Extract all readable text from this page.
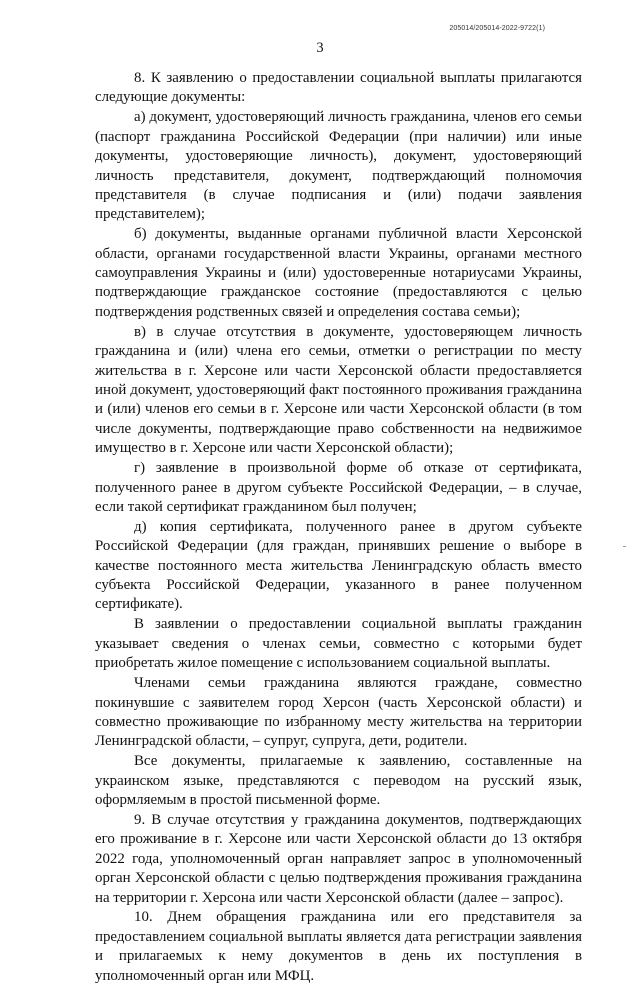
205014/205014-2022-9722(1)
3

8. К заявлению о предоставлении социальной выплаты прилагаются следующие документы:

а) документ, удостоверяющий личность гражданина, членов его семьи (паспорт гражданина Российской Федерации (при наличии) или иные документы, удостоверяющие личность), документ, удостоверяющий личность представителя, документ, подтверждающий полномочия представителя (в случае подписания и (или) подачи заявления представителем);

б) документы, выданные органами публичной власти Херсонской области, органами государственной власти Украины, органами местного самоуправления Украины и (или) удостоверенные нотариусами Украины, подтверждающие гражданское состояние (предоставляются с целью подтверждения родственных связей и определения состава семьи);

в) в случае отсутствия в документе, удостоверяющем личность гражданина и (или) члена его семьи, отметки о регистрации по месту жительства в г. Херсоне или части Херсонской области предоставляется иной документ, удостоверяющий факт постоянного проживания гражданина и (или) членов его семьи в г. Херсоне или части Херсонской области (в том числе документы, подтверждающие право собственности на недвижимое имущество в г. Херсоне или части Херсонской области);

г) заявление в произвольной форме об отказе от сертификата, полученного ранее в другом субъекте Российской Федерации, – в случае, если такой сертификат гражданином был получен;

д) копия сертификата, полученного ранее в другом субъекте Российской Федерации (для граждан, принявших решение о выборе в качестве постоянного места жительства Ленинградскую область вместо субъекта Российской Федерации, указанного в ранее полученном сертификате).

В заявлении о предоставлении социальной выплаты гражданин указывает сведения о членах семьи, совместно с которыми будет приобретать жилое помещение с использованием социальной выплаты.

Членами семьи гражданина являются граждане, совместно покинувшие с заявителем город Херсон (часть Херсонской области) и совместно проживающие по избранному месту жительства на территории Ленинградской области, – супруг, супруга, дети, родители.

Все документы, прилагаемые к заявлению, составленные на украинском языке, представляются с переводом на русский язык, оформляемым в простой письменной форме.

9. В случае отсутствия у гражданина документов, подтверждающих его проживание в г. Херсоне или части Херсонской области до 13 октября 2022 года, уполномоченный орган направляет запрос в уполномоченный орган Херсонской области с целью подтверждения проживания гражданина на территории г. Херсона или части Херсонской области (далее – запрос).

10. Днем обращения гражданина или его представителя за предоставлением социальной выплаты является дата регистрации заявления и прилагаемых к нему документов в день их поступления в уполномоченный орган или МФЦ.
